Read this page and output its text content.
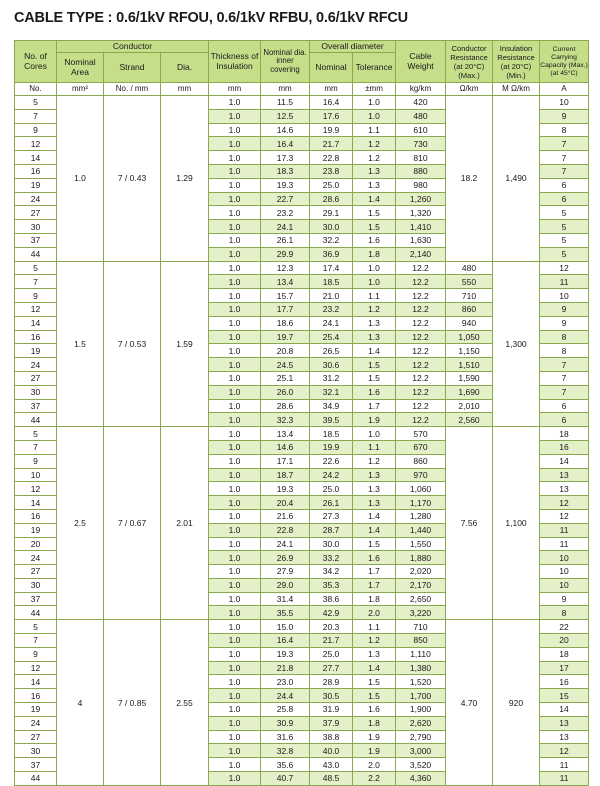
CABLE TYPE : 0.6/1kV RFOU, 0.6/1kV RFBU, 0.6/1kV RFCU
No. of Cores	Conductor			Thickness of Insulation	Nominal dia. inner covering	Overall diameter		Cable Weight	Conductor Resistance (at 20°C) (Max.)	Insulation Resistance (at 20°C) (Min.)	Current Carrying Capacity (Max.) (at 45°C)
	Nominal Area	Strand	Dia.			Nominal	Tolerance				
No.	mm²	No. / mm	mm	mm	mm	mm	±mm	kg/km	Ω/km	M Ω/km	A
5	1.0	7 / 0.43	1.29	1.0	11.5	16.4	1.0	420	18.2	1,490	10
7				1.0	12.5	17.6	1.0	480			9
9				1.0	14.6	19.9	1.1	610			8
12				1.0	16.4	21.7	1.2	730			7
14				1.0	17.3	22.8	1.2	810			7
16				1.0	18.3	23.8	1.3	880			7
19				1.0	19.3	25.0	1.3	980			6
24				1.0	22.7	28.6	1.4	1,260			6
27				1.0	23.2	29.1	1.5	1,320			5
30				1.0	24.1	30.0	1.5	1,410			5
37				1.0	26.1	32.2	1.6	1,630			5
44				1.0	29.9	36.9	1.8	2,140			5
5	1.5	7 / 0.53	1.59	1.0	12.3	17.4	1.0	12.2	480	1,300	12
7				1.0	13.4	18.5	1.0	12.2	550		11
9				1.0	15.7	21.0	1.1	12.2	710		10
12				1.0	17.7	23.2	1.2	12.2	860		9
14				1.0	18.6	24.1	1.3	12.2	940		9
16				1.0	19.7	25.4	1.3	12.2	1,050		8
19				1.0	20.8	26.5	1.4	12.2	1,150		8
24				1.0	24.5	30.6	1.5	12.2	1,510		7
27				1.0	25.1	31.2	1.5	12.2	1,590		7
30				1.0	26.0	32.1	1.6	12.2	1,690		7
37				1.0	28.6	34.9	1.7	12.2	2,010		6
44				1.0	32.3	39.5	1.9	12.2	2,560		6
5	2.5	7 / 0.67	2.01	1.0	13.4	18.5	1.0	570	7.56	1,100	18
7				1.0	14.6	19.9	1.1	670			16
9				1.0	17.1	22.6	1.2	860			14
10				1.0	18.7	24.2	1.3	970			13
12				1.0	19.3	25.0	1.3	1,060			13
14				1.0	20.4	26.1	1.3	1,170			12
16				1.0	21.6	27.3	1.4	1,280			12
19				1.0	22.8	28.7	1.4	1,440			11
20				1.0	24.1	30.0	1.5	1,550			11
24				1.0	26.9	33.2	1.6	1,880			10
27				1.0	27.9	34.2	1.7	2,020			10
30				1.0	29.0	35.3	1.7	2,170			10
37				1.0	31.4	38.6	1.8	2,650			9
44				1.0	35.5	42.9	2.0	3,220			8
5	4	7 / 0.85	2.55	1.0	15.0	20.3	1.1	710	4.70	920	22
7				1.0	16.4	21.7	1.2	850			20
9				1.0	19.3	25.0	1.3	1,110			18
12				1.0	21.8	27.7	1.4	1,380			17
14				1.0	23.0	28.9	1.5	1,520			16
16				1.0	24.4	30.5	1.5	1,700			15
19				1.0	25.8	31.9	1.6	1,900			14
24				1.0	30.9	37.9	1.8	2,620			13
27				1.0	31.6	38.8	1.9	2,790			13
30				1.0	32.8	40.0	1.9	3,000			12
37				1.0	35.6	43.0	2.0	3,520			11
44				1.0	40.7	48.5	2.2	4,360			11
